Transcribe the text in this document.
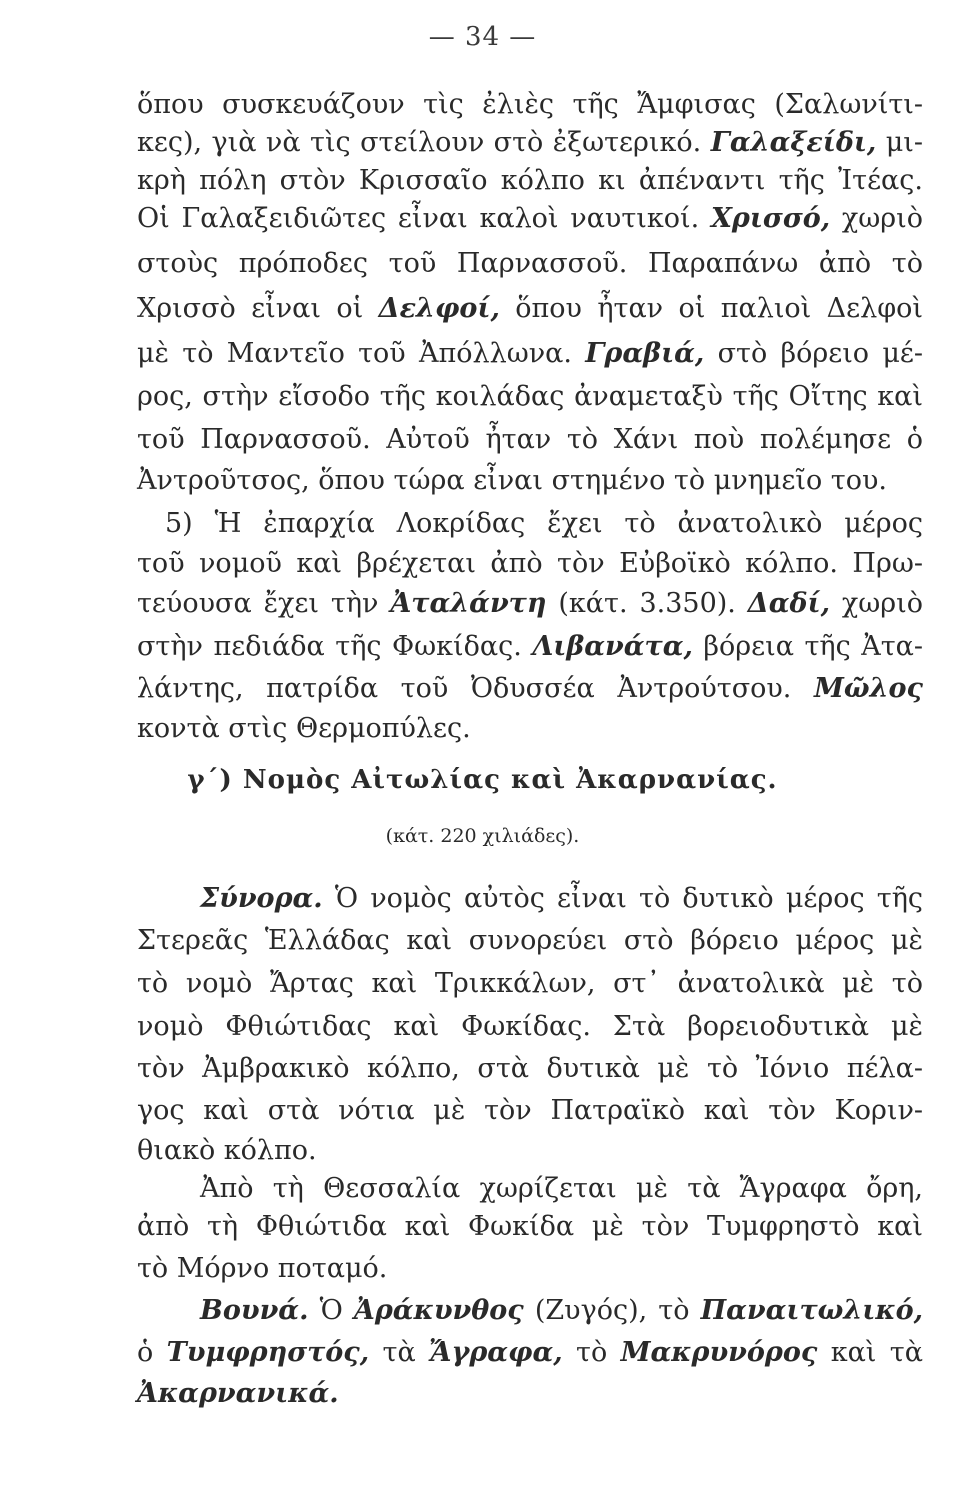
— 34 —
ὅπου συσκευάζουν τὶς ἐλιὲς τῆς Ἄμφισας (Σαλωνίτι-
κες), γιὰ νὰ τὶς στείλουν στὸ ἐξωτερικό. Γαλαξείδι, μι-
κρὴ πόλη στὸν Κρισσαῖο κόλπο κι ἀπέναντι τῆς Ἰτέας.
Οἱ Γαλαξειδιῶτες εἶναι καλοὶ ναυτικοί. Χρισσό, χωριὸ
στοὺς πρόποδες τοῦ Παρνασσοῦ. Παραπάνω ἀπὸ τὸ
Χρισσὸ εἶναι οἱ Δελφοί, ὅπου ἦταν οἱ παλιοὶ Δελφοὶ
μὲ τὸ Μαντεῖο τοῦ Ἀπόλλωνα. Γραβιά, στὸ βόρειο μέ-
ρος, στὴν εἴσοδο τῆς κοιλάδας ἀναμεταξὺ τῆς Οἴτης καὶ
τοῦ Παρνασσοῦ. Αὐτοῦ ἦταν τὸ Χάνι ποὺ πολέμησε ὁ
Ἀντροῦτσος, ὅπου τώρα εἶναι στημένο τὸ μνημεῖο του.
5) Ἡ ἐπαρχία Λοκρίδας ἔχει τὸ ἀνατολικὸ μέρος
τοῦ νομοῦ καὶ βρέχεται ἀπὸ τὸν Εὐβοϊκὸ κόλπο. Πρω-
τεύουσα ἔχει τὴν Ἀταλάντη (κάτ. 3.350). Δαδί, χωριὸ
στὴν πεδιάδα τῆς Φωκίδας. Λιβανάτα, βόρεια τῆς Ἀτα-
λάντης, πατρίδα τοῦ Ὀδυσσέα Ἀντρούτσου. Μῶλος
κοντὰ στὶς Θερμοπύλες.
γ΄) Νομὸς Αἰτωλίας καὶ Ἀκαρνανίας.
(κάτ. 220 χιλιάδες).
Σύνορα. Ὁ νομὸς αὐτὸς εἶναι τὸ δυτικὸ μέρος τῆς
Στερεᾶς Ἑλλάδας καὶ συνορεύει στὸ βόρειο μέρος μὲ
τὸ νομὸ Ἄρτας καὶ Τρικκάλων, στ᾿ ἀνατολικὰ μὲ τὸ
νομὸ Φθιώτιδας καὶ Φωκίδας. Στὰ βορειοδυτικὰ μὲ
τὸν Ἀμβρακικὸ κόλπο, στὰ δυτικὰ μὲ τὸ Ἰόνιο πέλα-
γος καὶ στὰ νότια μὲ τὸν Πατραϊκὸ καὶ τὸν Κοριν-
θιακὸ κόλπο.
Ἀπὸ τὴ Θεσσαλία χωρίζεται μὲ τὰ Ἄγραφα ὄρη,
ἀπὸ τὴ Φθιώτιδα καὶ Φωκίδα μὲ τὸν Τυμφρηστὸ καὶ
τὸ Μόρνο ποταμό.
Βουνά. Ὁ Ἀράκυνθος (Ζυγός), τὸ Παναιτωλικό,
ὁ Τυμφρηστός, τὰ Ἄγραφα, τὸ Μακρυνόρος καὶ τὰ
Ἀκαρνανικά.
